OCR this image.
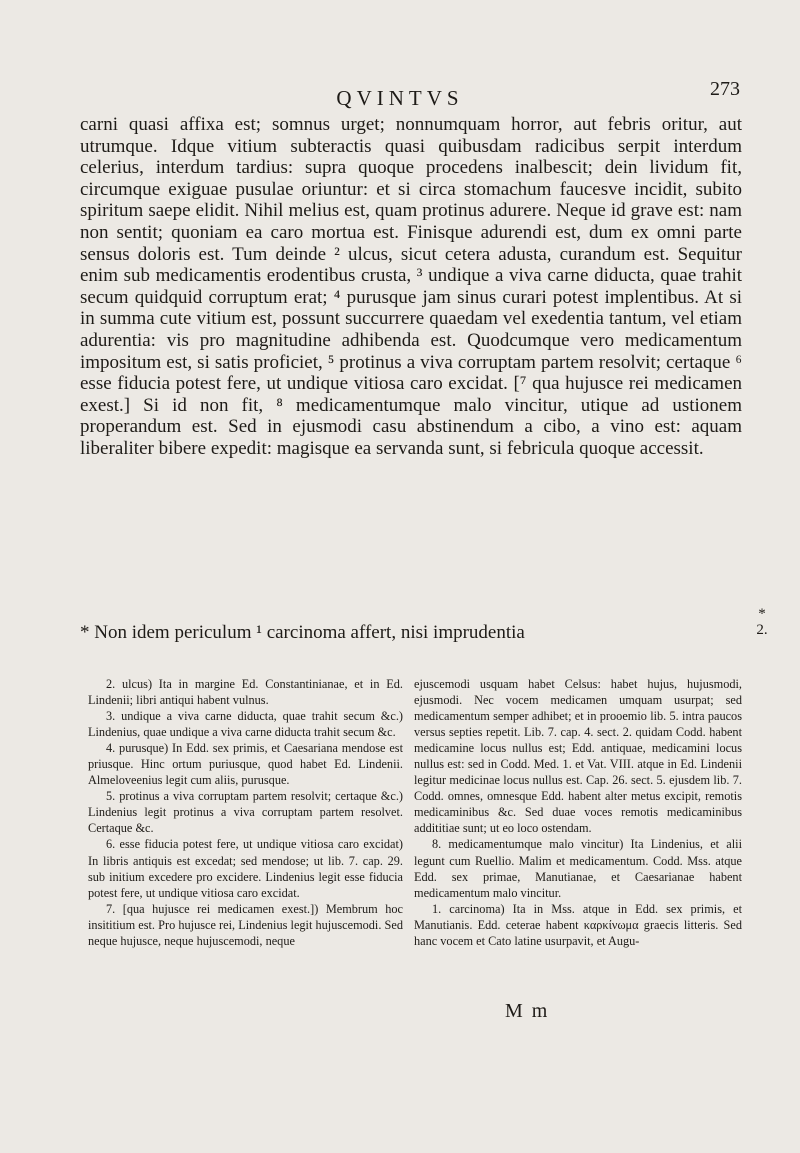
QVINTVS	273

carni quasi affixa est; somnus urget; nonnumquam horror, aut febris oritur, aut utrumque. Idque vitium subteractis quasi quibusdam radicibus serpit interdum celerius, interdum tardius: supra quoque procedens inalbescit; dein lividum fit, circumque exiguae pusulae oriuntur: et si circa stomachum faucesve incidit, subito spiritum saepe elidit. Nihil melius est, quam protinus adurere. Neque id grave est: nam non sentit; quoniam ea caro mortua est. Finisque adurendi est, dum ex omni parte sensus doloris est. Tum deinde ² ulcus, sicut cetera adusta, curandum est. Sequitur enim sub medicamentis erodentibus crusta, ³ undique a viva carne diducta, quae trahit secum quidquid corruptum erat; ⁴ purusque jam sinus curari potest implentibus. At si in summa cute vitium est, possunt succurrere quaedam vel exedentia tantum, vel etiam adurentia: vis pro magnitudine adhibenda est. Quodcumque vero medicamentum impositum est, si satis proficiet, ⁵ protinus a viva corruptam partem resolvit; certaque ⁶ esse fiducia potest fere, ut undique vitiosa caro excidat. [⁷ qua hujusce rei medicamen exest.] Si id non fit, ⁸ medicamentumque malo vincitur, utique ad ustionem properandum est. Sed in ejusmodi casu abstinendum a cibo, a vino est: aquam liberaliter bibere expedit: magisque ea servanda sunt, si febricula quoque accessit.

* Non idem periculum ¹ carcinoma affert, nisi imprudentia
* 2.

2. ulcus) Ita in margine Ed. Constantinianae, et in Ed. Lindenii; libri antiqui habent vulnus.

3. undique a viva carne diducta, quae trahit secum &c.) Lindenius, quae undique a viva carne diducta trahit secum &c.

4. purusque) In Edd. sex primis, et Caesariana mendose est priusque. Hinc ortum puriusque, quod habet Ed. Lindenii. Almeloveenius legit cum aliis, purusque.

5. protinus a viva corruptam partem resolvit; certaque &c.) Lindenius legit protinus a viva corruptam partem resolvet. Certaque &c.

6. esse fiducia potest fere, ut undique vitiosa caro excidat) In libris antiquis est excedat; sed mendose; ut lib. 7. cap. 29. sub initium excedere pro excidere. Lindenius legit esse fiducia potest fere, ut undique vitiosa caro excidat.

7. [qua hujusce rei medicamen exest.]) Membrum hoc insititium est. Pro hujusce rei, Lindenius legit hujuscemodi. Sed neque hujusce, neque hujuscemodi, neque

ejuscemodi usquam habet Celsus: habet hujus, hujusmodi, ejusmodi. Nec vocem medicamen umquam usurpat; sed medicamentum semper adhibet; et in prooemio lib. 5. intra paucos versus septies repetit. Lib. 7. cap. 4. sect. 2. quidam Codd. habent medicamine locus nullus est; Edd. antiquae, medicamini locus nullus est: sed in Codd. Med. 1. et Vat. VIII. atque in Ed. Lindenii legitur medicinae locus nullus est. Cap. 26. sect. 5. ejusdem lib. 7. Codd. omnes, omnesque Edd. habent alter metus excipit, remotis medicaminibus &c. Sed duae voces remotis medicaminibus addititiae sunt; ut eo loco ostendam.

8. medicamentumque malo vincitur) Ita Lindenius, et alii legunt cum Ruellio. Malim et medicamentum. Codd. Mss. atque Edd. sex primae, Manutianae, et Caesarianae habent medicamentum malo vincitur.

1. carcinoma) Ita in Mss. atque in Edd. sex primis, et Manutianis. Edd. ceterae habent καρκίνωμα graecis litteris. Sed hanc vocem et Cato latine usurpavit, et Augu-

M m
